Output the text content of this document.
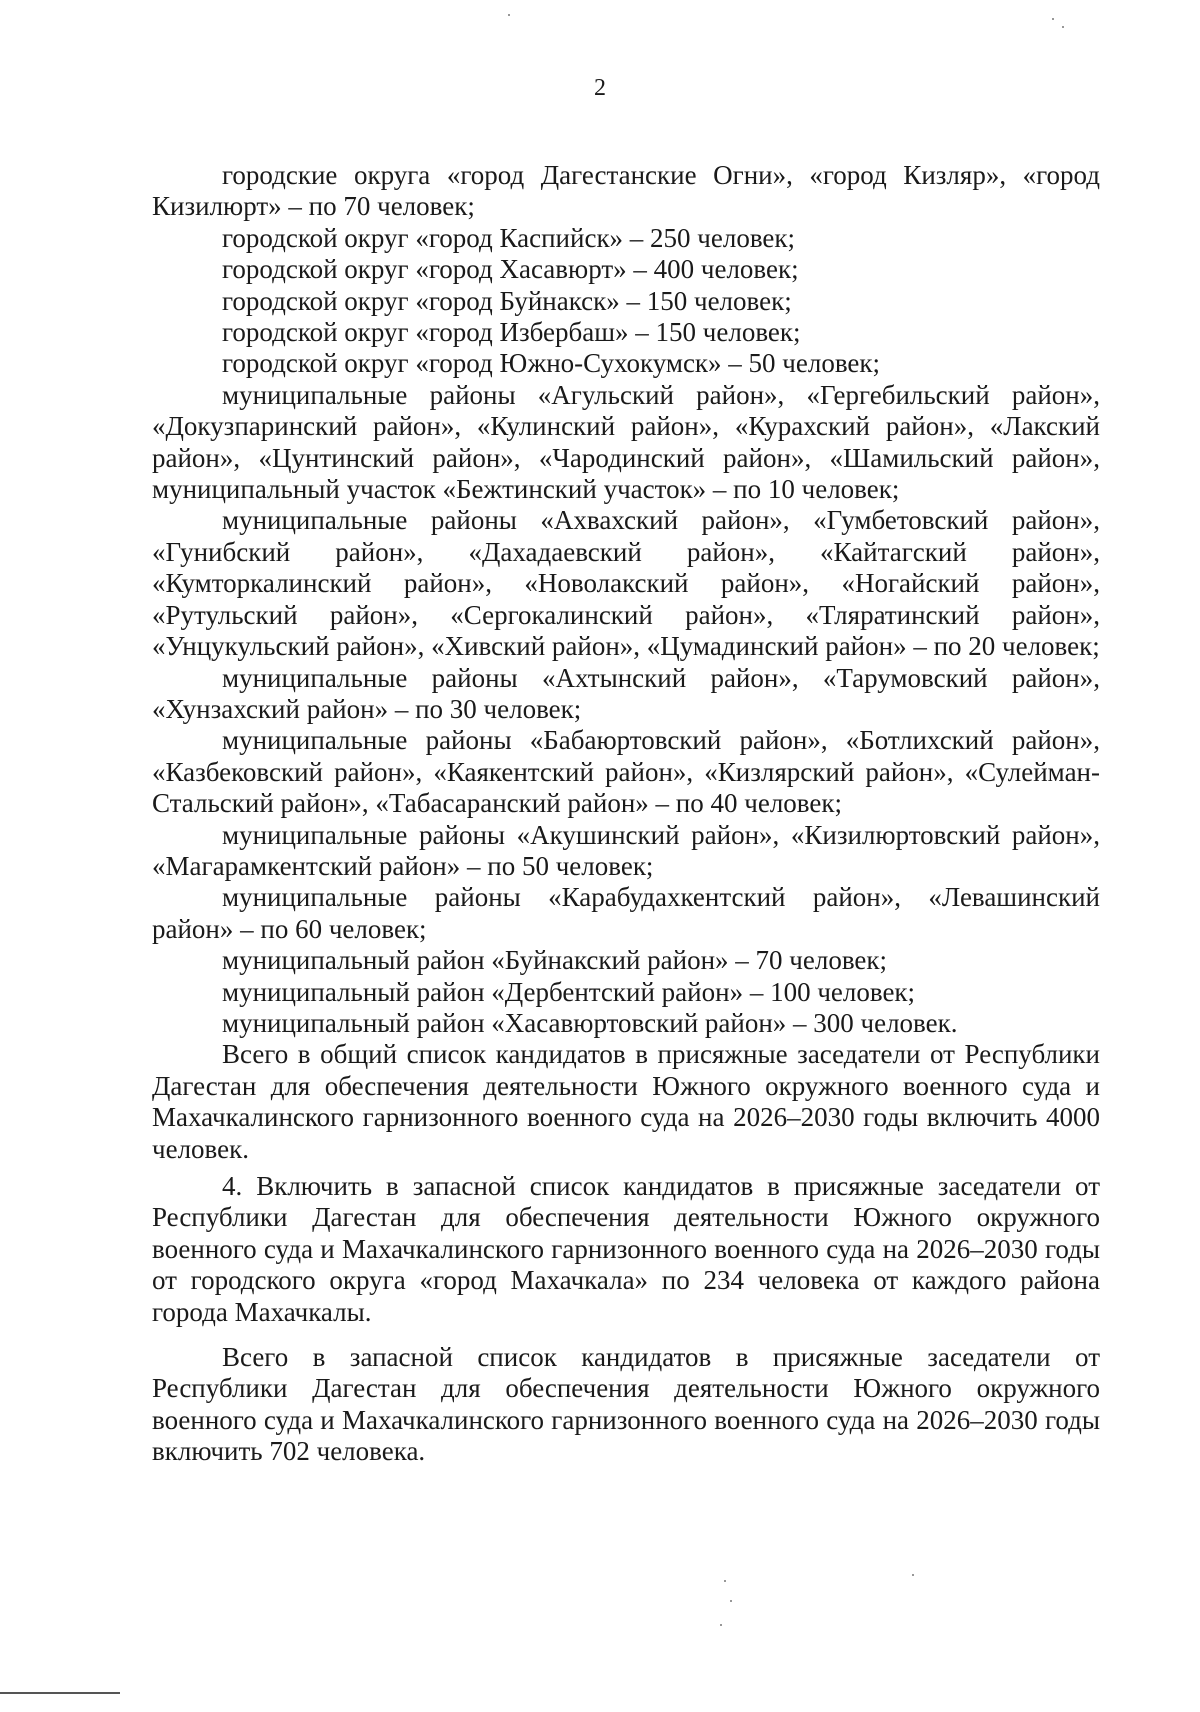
2

городские округа «город Дагестанские Огни», «город Кизляр», «город Кизилюрт» – по 70 человек;

городской округ «город Каспийск» – 250 человек;

городской округ «город Хасавюрт» – 400 человек;

городской округ «город Буйнакск» – 150 человек;

городской округ «город Избербаш» – 150 человек;

городской округ «город Южно-Сухокумск» – 50 человек;

муниципальные районы «Агульский район», «Гергебильский район», «Докузпаринский район», «Кулинский район», «Курахский район», «Лакский район», «Цунтинский район», «Чародинский район», «Шамильский район», муниципальный участок «Бежтинский участок» – по 10 человек;

муниципальные районы «Ахвахский район», «Гумбетовский район», «Гунибский район», «Дахадаевский район», «Кайтагский район», «Кумторкалинский район», «Новолакский район», «Ногайский район», «Рутульский район», «Сергокалинский район», «Тляратинский район», «Унцукульский район», «Хивский район», «Цумадинский район» – по 20 человек;

муниципальные районы «Ахтынский район», «Тарумовский район», «Хунзахский район» – по 30 человек;

муниципальные районы «Бабаюртовский район», «Ботлихский район», «Казбековский район», «Каякентский район», «Кизлярский район», «Сулейман-Стальский район», «Табасаранский район» – по 40 человек;

муниципальные районы «Акушинский район», «Кизилюртовский район», «Магарамкентский район» – по 50 человек;

муниципальные районы «Карабудахкентский район», «Левашинский район» – по 60 человек;

муниципальный район «Буйнакский район» – 70 человек;

муниципальный район «Дербентский район» – 100 человек;

муниципальный район «Хасавюртовский район» – 300 человек.

Всего в общий список кандидатов в присяжные заседатели от Республики Дагестан для обеспечения деятельности Южного окружного военного суда и Махачкалинского гарнизонного военного суда на 2026–2030 годы включить 4000 человек.

4. Включить в запасной список кандидатов в присяжные заседатели от Республики Дагестан для обеспечения деятельности Южного окружного военного суда и Махачкалинского гарнизонного военного суда на 2026–2030 годы от городского округа «город Махачкала» по 234 человека от каждого района города Махачкалы.

Всего в запасной список кандидатов в присяжные заседатели от Республики Дагестан для обеспечения деятельности Южного окружного военного суда и Махачкалинского гарнизонного военного суда на 2026–2030 годы включить 702 человека.
